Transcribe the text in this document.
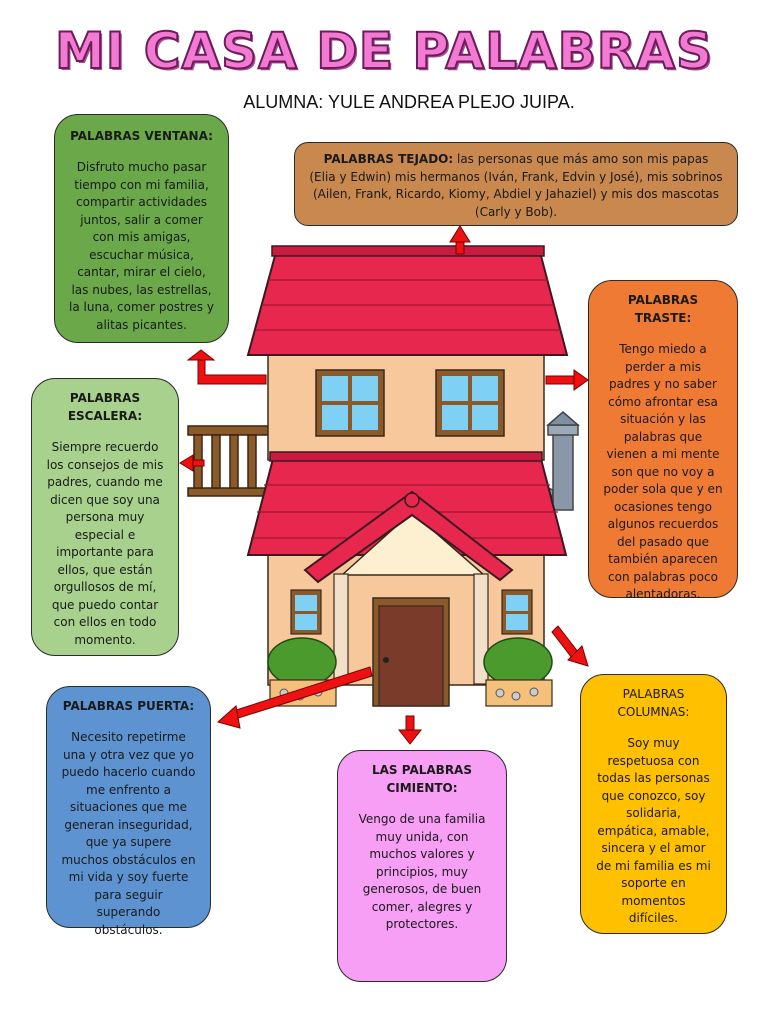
MI CASA DE PALABRAS
ALUMNA: YULE ANDREA PLEJO JUIPA.
PALABRAS TEJADO: las personas que más amo son mis papas (Elia y Edwin) mis hermanos (Iván, Frank, Edvin y José), mis sobrinos (Ailen, Frank, Ricardo, Kiomy, Abdiel y Jahaziel) y mis dos mascotas (Carly y Bob).
PALABRAS VENTANA:

Disfruto mucho pasar tiempo con mi familia, compartir actividades juntos, salir a comer con mis amigas, escuchar música, cantar, mirar el cielo, las nubes, las estrellas, la luna, comer postres y alitas picantes.

PALABRAS ESCALERA:

Siempre recuerdo los consejos de mis padres, cuando me dicen que soy una persona muy especial e importante para ellos, que están orgullosos de mí, que puedo contar con ellos en todo momento.

PALABRAS TRASTE:

Tengo miedo a perder a mis padres y no saber cómo afrontar esa situación y las palabras que vienen a mi mente son que no voy a poder sola que y en ocasiones tengo algunos recuerdos del pasado que también aparecen con palabras poco alentadoras.

PALABRAS PUERTA:

Necesito repetirme una y otra vez que yo puedo hacerlo cuando me enfrento a situaciones que me generan inseguridad, que ya supere muchos obstáculos en mi vida y soy fuerte para seguir superando obstáculos.

LAS PALABRAS CIMIENTO:

Vengo de una familia muy unida, con muchos valores y principios, muy generosos, de buen comer, alegres y protectores.

PALABRAS COLUMNAS:

Soy muy respetuosa con todas las personas que conozco, soy solidaria, empática, amable, sincera y el amor de mi familia es mi soporte en momentos difíciles.
